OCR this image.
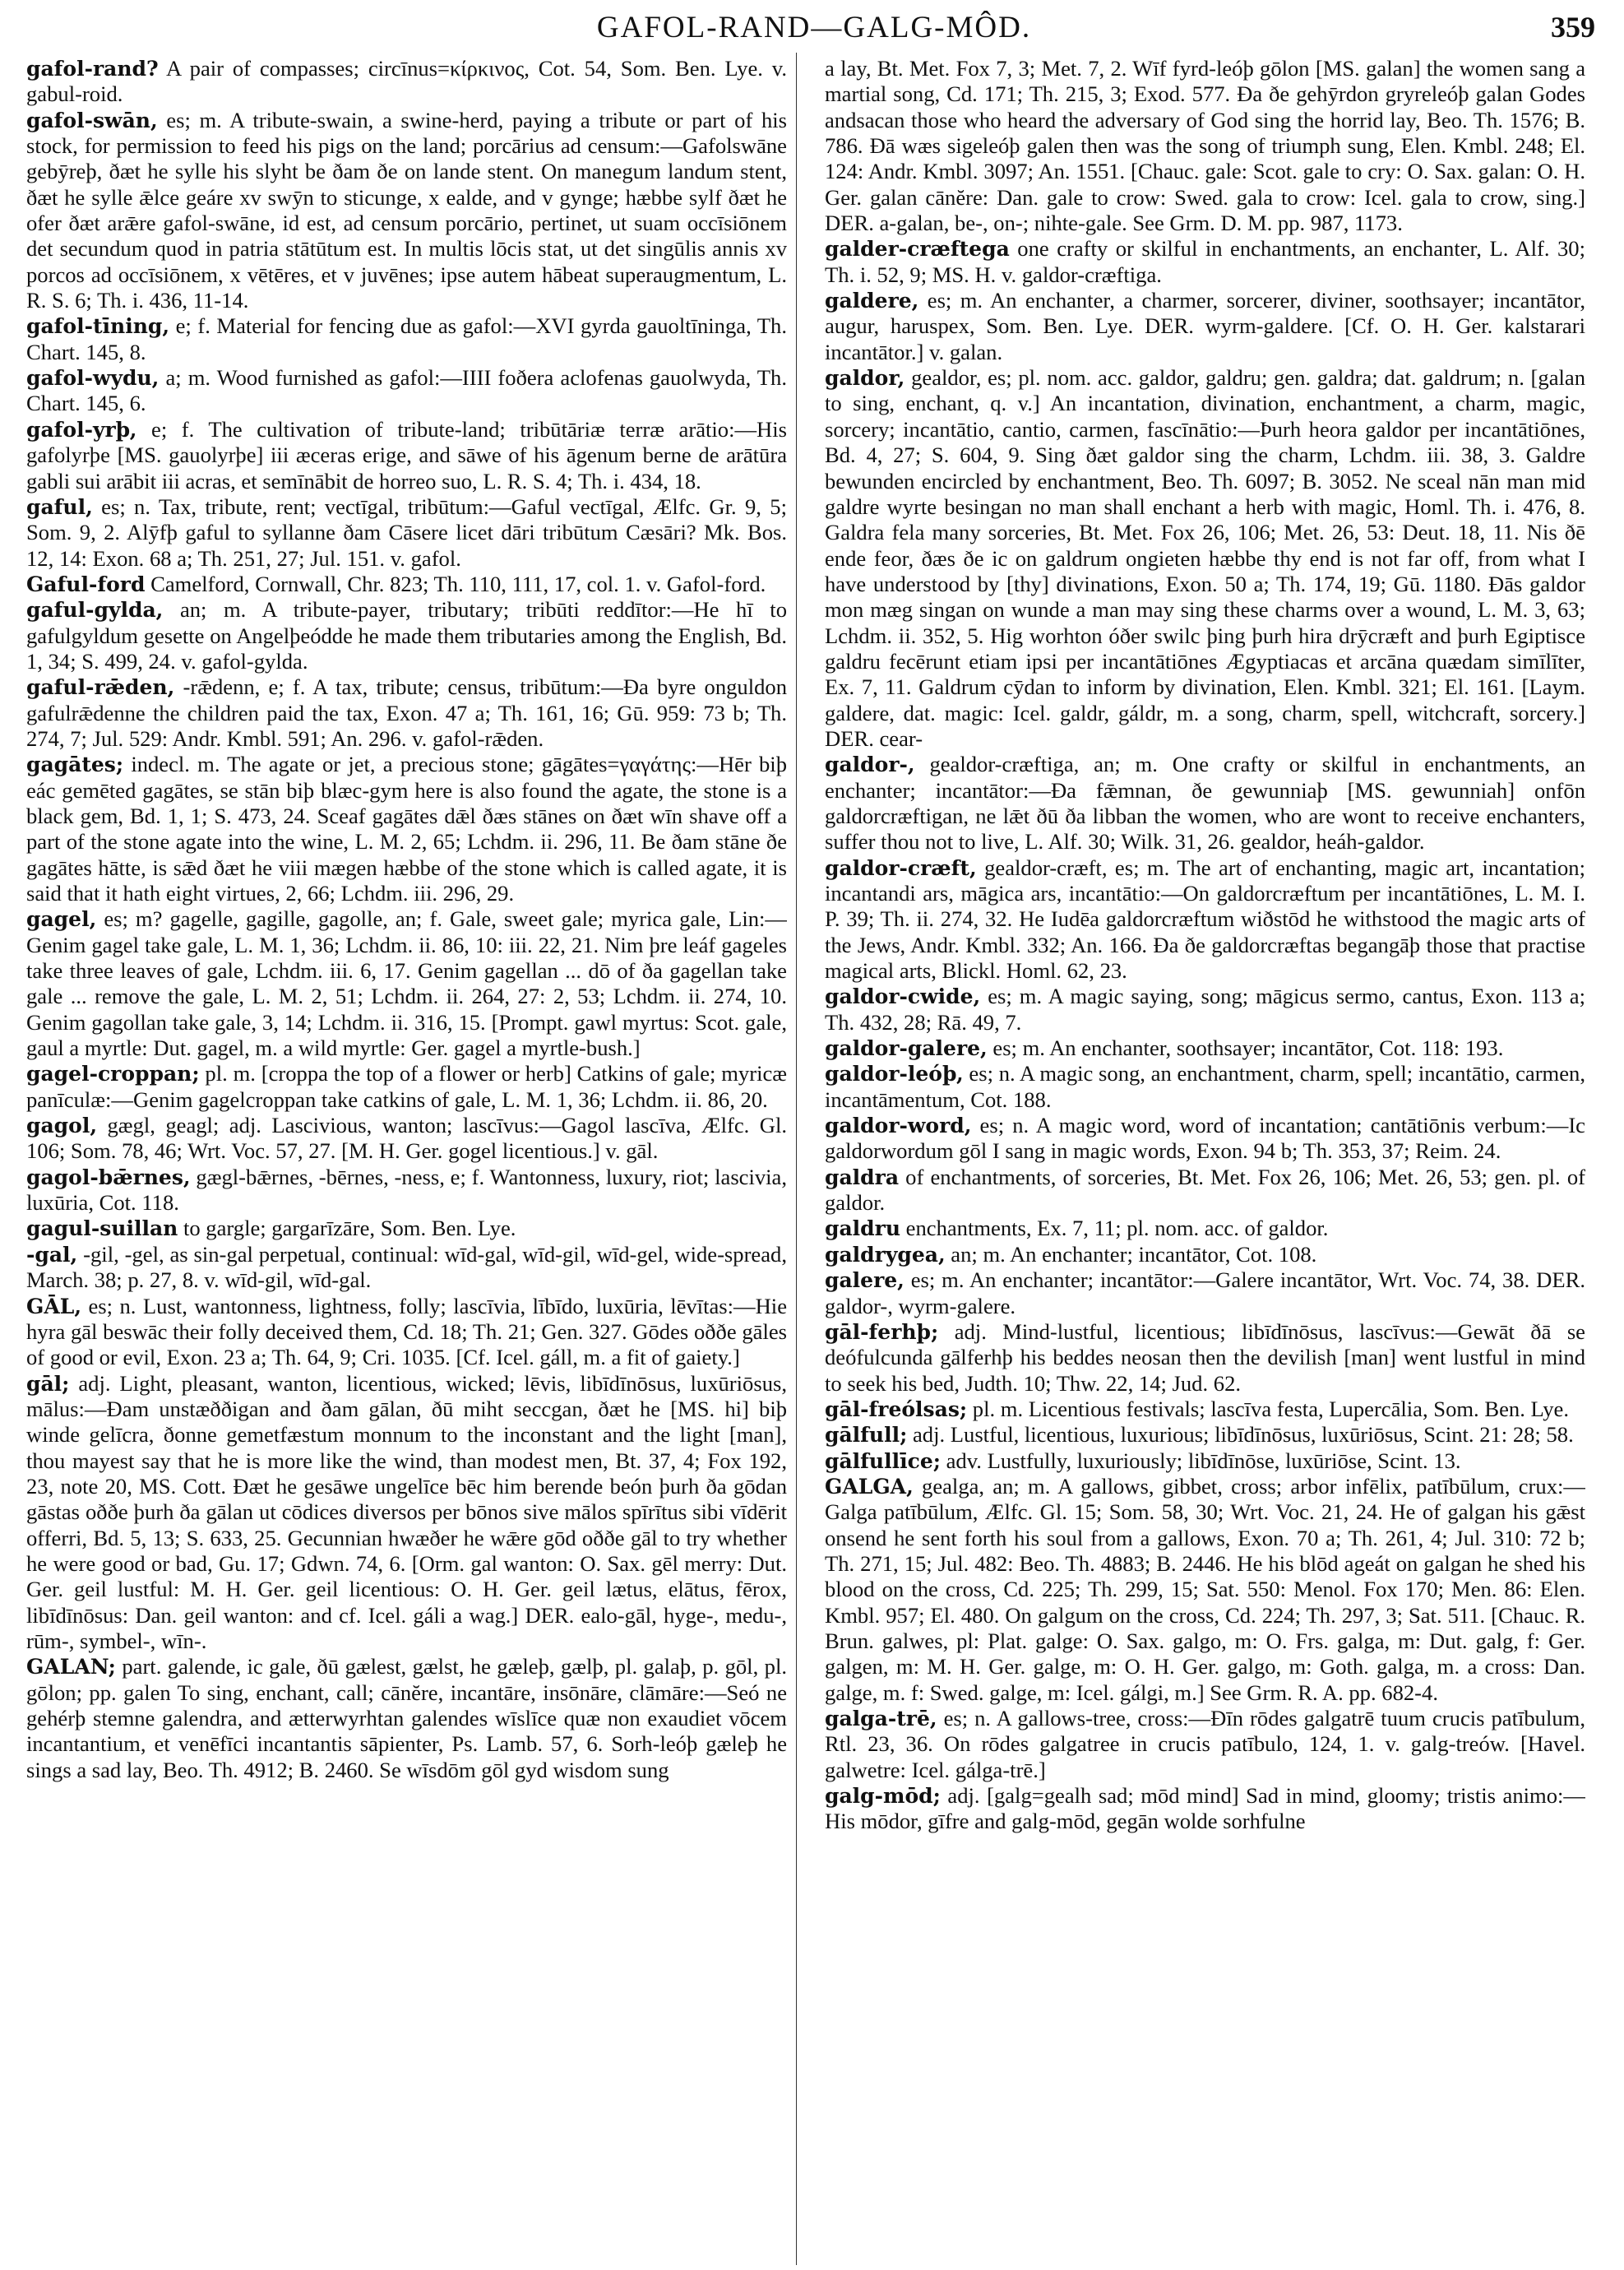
GAFOL-RAND—GALG-MÔD.	359

gafol-rand? A pair of compasses; circīnus=κίρκινος, Cot. 54, Som. Ben. Lye. v. gabul-roid.

gafol-swān, es; m. A tribute-swain, a swine-herd, paying a tribute or part of his stock, for permission to feed his pigs on the land; porcārius ad censum:—Gafolswāne gebȳreþ, ðæt he sylle his slyht be ðam ðe on lande stent. On manegum landum stent, ðæt he sylle ǣlce geáre xv swȳn to sticunge, x ealde, and v gynge; hæbbe sylf ðæt he ofer ðæt arǣre gafol-swāne, id est, ad censum porcārio, pertinet, ut suam occīsiōnem det secundum quod in patria stātūtum est. In multis lōcis stat, ut det singūlis annis xv porcos ad occīsiōnem, x vētēres, et v juvēnes; ipse autem hābeat superaugmentum, L. R. S. 6; Th. i. 436, 11-14.

gafol-tīning, e; f. Material for fencing due as gafol:—XVI gyrda gauoltīninga, Th. Chart. 145, 8.

gafol-wydu, a; m. Wood furnished as gafol:—IIII foðera aclofenas gauolwyda, Th. Chart. 145, 6.

gafol-yrþ, e; f. The cultivation of tribute-land; tribūtāriæ terræ arātio:—His gafolyrþe [MS. gauolyrþe] iii æceras erige, and sāwe of his āgenum berne de arātūra gabli sui arābit iii acras, et semīnābit de horreo suo, L. R. S. 4; Th. i. 434, 18.

gaful, es; n. Tax, tribute, rent; vectīgal, tribūtum:—Gaful vectīgal, Ælfc. Gr. 9, 5; Som. 9, 2. Alȳfþ gaful to syllanne ðam Cāsere licet dāri tribūtum Cæsāri? Mk. Bos. 12, 14: Exon. 68 a; Th. 251, 27; Jul. 151. v. gafol.

Gaful-ford Camelford, Cornwall, Chr. 823; Th. 110, 111, 17, col. 1. v. Gafol-ford.

gaful-gylda, an; m. A tribute-payer, tributary; tribūti reddītor:—He hī to gafulgyldum gesette on Angelþeódde he made them tributaries among the English, Bd. 1, 34; S. 499, 24. v. gafol-gylda.

gaful-rǣden, -rǣdenn, e; f. A tax, tribute; census, tribūtum:—Ða byre onguldon gafulrǣdenne the children paid the tax, Exon. 47 a; Th. 161, 16; Gū. 959: 73 b; Th. 274, 7; Jul. 529: Andr. Kmbl. 591; An. 296. v. gafol-rǣden.

gagātes; indecl. m. The agate or jet, a precious stone; gāgātes=γαγάτης:—Hēr biþ eác gemēted gagātes, se stān biþ blæc-gym here is also found the agate, the stone is a black gem, Bd. 1, 1; S. 473, 24. Sceaf gagātes dǣl ðæs stānes on ðæt wīn shave off a part of the stone agate into the wine, L. M. 2, 65; Lchdm. ii. 296, 11. Be ðam stāne ðe gagātes hātte, is sǣd ðæt he viii mægen hæbbe of the stone which is called agate, it is said that it hath eight virtues, 2, 66; Lchdm. iii. 296, 29.

gagel, es; m? gagelle, gagille, gagolle, an; f. Gale, sweet gale; myrica gale, Lin:—Genim gagel take gale, L. M. 1, 36; Lchdm. ii. 86, 10: iii. 22, 21. Nim þre leáf gageles take three leaves of gale, Lchdm. iii. 6, 17. Genim gagellan ... dō of ða gagellan take gale ... remove the gale, L. M. 2, 51; Lchdm. ii. 264, 27: 2, 53; Lchdm. ii. 274, 10. Genim gagollan take gale, 3, 14; Lchdm. ii. 316, 15. [Prompt. gawl myrtus: Scot. gale, gaul a myrtle: Dut. gagel, m. a wild myrtle: Ger. gagel a myrtle-bush.]

gagel-croppan; pl. m. [croppa the top of a flower or herb] Catkins of gale; myricæ panīculæ:—Genim gagelcroppan take catkins of gale, L. M. 1, 36; Lchdm. ii. 86, 20.

gagol, gægl, geagl; adj. Lascivious, wanton; lascīvus:—Gagol lascīva, Ælfc. Gl. 106; Som. 78, 46; Wrt. Voc. 57, 27. [M. H. Ger. gogel licentious.] v. gāl.

gagol-bǣrnes, gægl-bǣrnes, -bērnes, -ness, e; f. Wantonness, luxury, riot; lascivia, luxūria, Cot. 118.

gagul-suillan to gargle; gargarīzāre, Som. Ben. Lye.

-gal, -gil, -gel, as sin-gal perpetual, continual: wīd-gal, wīd-gil, wīd-gel, wide-spread, March. 38; p. 27, 8. v. wīd-gil, wīd-gal.

GĀL, es; n. Lust, wantonness, lightness, folly; lascīvia, lībīdo, luxūria, lēvītas:—Hie hyra gāl beswāc their folly deceived them, Cd. 18; Th. 21; Gen. 327. Gōdes oððe gāles of good or evil, Exon. 23 a; Th. 64, 9; Cri. 1035. [Cf. Icel. gáll, m. a fit of gaiety.]

gāl; adj. Light, pleasant, wanton, licentious, wicked; lēvis, libīdīnōsus, luxūriōsus, mālus:—Ðam unstæððigan and ðam gālan, ðū miht seccgan, ðæt he [MS. hi] biþ winde gelīcra, ðonne gemetfæstum monnum to the inconstant and the light [man], thou mayest say that he is more like the wind, than modest men, Bt. 37, 4; Fox 192, 23, note 20, MS. Cott. Ðæt he gesāwe ungelīce bēc him berende beón þurh ða gōdan gāstas oððe þurh ða gālan ut cōdices diversos per bōnos sive mālos spīrītus sibi vīdērit offerri, Bd. 5, 13; S. 633, 25. Gecunnian hwæðer he wǣre gōd oððe gāl to try whether he were good or bad, Gu. 17; Gdwn. 74, 6. [Orm. gal wanton: O. Sax. gēl merry: Dut. Ger. geil lustful: M. H. Ger. geil licentious: O. H. Ger. geil lætus, elātus, fērox, libīdīnōsus: Dan. geil wanton: and cf. Icel. gáli a wag.] DER. ealo-gāl, hyge-, medu-, rūm-, symbel-, wīn-.

GALAN; part. galende, ic gale, ðū gælest, gælst, he gæleþ, gælþ, pl. galaþ, p. gōl, pl. gōlon; pp. galen To sing, enchant, call; cānĕre, incantāre, insōnāre, clāmāre:—Seó ne gehérþ stemne galendra, and ætterwyrhtan galendes wīslīce quæ non exaudiet vōcem incantantium, et venēfīci incantantis sāpienter, Ps. Lamb. 57, 6. Sorh-leóþ gæleþ he sings a sad lay, Beo. Th. 4912; B. 2460. Se wīsdōm gōl gyd wisdom sung

a lay, Bt. Met. Fox 7, 3; Met. 7, 2. Wīf fyrd-leóþ gōlon [MS. galan] the women sang a martial song, Cd. 171; Th. 215, 3; Exod. 577. Ða ðe gehȳrdon gryreleóþ galan Godes andsacan those who heard the adversary of God sing the horrid lay, Beo. Th. 1576; B. 786. Ðā wæs sigeleóþ galen then was the song of triumph sung, Elen. Kmbl. 248; El. 124: Andr. Kmbl. 3097; An. 1551. [Chauc. gale: Scot. gale to cry: O. Sax. galan: O. H. Ger. galan cānĕre: Dan. gale to crow: Swed. gala to crow: Icel. gala to crow, sing.] DER. a-galan, be-, on-; nihte-gale. See Grm. D. M. pp. 987, 1173.

galder-cræftega one crafty or skilful in enchantments, an enchanter, L. Alf. 30; Th. i. 52, 9; MS. H. v. galdor-cræftiga.

galdere, es; m. An enchanter, a charmer, sorcerer, diviner, soothsayer; incantātor, augur, haruspex, Som. Ben. Lye. DER. wyrm-galdere. [Cf. O. H. Ger. kalstarari incantātor.] v. galan.

galdor, gealdor, es; pl. nom. acc. galdor, galdru; gen. galdra; dat. galdrum; n. [galan to sing, enchant, q. v.] An incantation, divination, enchantment, a charm, magic, sorcery; incantātio, cantio, carmen, fascīnātio:—Þurh heora galdor per incantātiōnes, Bd. 4, 27; S. 604, 9. Sing ðæt galdor sing the charm, Lchdm. iii. 38, 3. Galdre bewunden encircled by enchantment, Beo. Th. 6097; B. 3052. Ne sceal nān man mid galdre wyrte besingan no man shall enchant a herb with magic, Homl. Th. i. 476, 8. Galdra fela many sorceries, Bt. Met. Fox 26, 106; Met. 26, 53: Deut. 18, 11. Nis ðē ende feor, ðæs ðe ic on galdrum ongieten hæbbe thy end is not far off, from what I have understood by [thy] divinations, Exon. 50 a; Th. 174, 19; Gū. 1180. Ðās galdor mon mæg singan on wunde a man may sing these charms over a wound, L. M. 3, 63; Lchdm. ii. 352, 5. Hig worhton óðer swilc þing þurh hira drȳcræft and þurh Egiptisce galdru fecērunt etiam ipsi per incantātiōnes Ægyptiacas et arcāna quædam simīlīter, Ex. 7, 11. Galdrum cȳdan to inform by divination, Elen. Kmbl. 321; El. 161. [Laym. galdere, dat. magic: Icel. galdr, gáldr, m. a song, charm, spell, witchcraft, sorcery.] DER. cear-

galdor-, gealdor-cræftiga, an; m. One crafty or skilful in enchantments, an enchanter; incantātor:—Ða fǣmnan, ðe gewunniaþ [MS. gewunniah] onfōn galdorcræftigan, ne lǣt ðū ða libban the women, who are wont to receive enchanters, suffer thou not to live, L. Alf. 30; Wilk. 31, 26. gealdor, heáh-galdor.

galdor-cræft, gealdor-cræft, es; m. The art of enchanting, magic art, incantation; incantandi ars, māgica ars, incantātio:—On galdorcræftum per incantātiōnes, L. M. I. P. 39; Th. ii. 274, 32. He Iudēa galdorcræftum wiðstōd he withstood the magic arts of the Jews, Andr. Kmbl. 332; An. 166. Ða ðe galdorcræftas begangāþ those that practise magical arts, Blickl. Homl. 62, 23.

galdor-cwide, es; m. A magic saying, song; māgicus sermo, cantus, Exon. 113 a; Th. 432, 28; Rā. 49, 7.

galdor-galere, es; m. An enchanter, soothsayer; incantātor, Cot. 118: 193.

galdor-leóþ, es; n. A magic song, an enchantment, charm, spell; incantātio, carmen, incantāmentum, Cot. 188.

galdor-word, es; n. A magic word, word of incantation; cantātiōnis verbum:—Ic galdorwordum gōl I sang in magic words, Exon. 94 b; Th. 353, 37; Reim. 24.

galdra of enchantments, of sorceries, Bt. Met. Fox 26, 106; Met. 26, 53; gen. pl. of galdor.

galdru enchantments, Ex. 7, 11; pl. nom. acc. of galdor.

galdrygea, an; m. An enchanter; incantātor, Cot. 108.

galere, es; m. An enchanter; incantātor:—Galere incantātor, Wrt. Voc. 74, 38. DER. galdor-, wyrm-galere.

gāl-ferhþ; adj. Mind-lustful, licentious; libīdīnōsus, lascīvus:—Gewāt ðā se deófulcunda gālferhþ his beddes neosan then the devilish [man] went lustful in mind to seek his bed, Judth. 10; Thw. 22, 14; Jud. 62.

gāl-freólsas; pl. m. Licentious festivals; lascīva festa, Lupercālia, Som. Ben. Lye.

gālfull; adj. Lustful, licentious, luxurious; libīdīnōsus, luxūriōsus, Scint. 21: 28; 58.

gālfullīce; adv. Lustfully, luxuriously; libīdīnōse, luxūriōse, Scint. 13.

GALGA, gealga, an; m. A gallows, gibbet, cross; arbor infēlix, patībūlum, crux:—Galga patībūlum, Ælfc. Gl. 15; Som. 58, 30; Wrt. Voc. 21, 24. He of galgan his gǣst onsend he sent forth his soul from a gallows, Exon. 70 a; Th. 261, 4; Jul. 310: 72 b; Th. 271, 15; Jul. 482: Beo. Th. 4883; B. 2446. He his blōd ageát on galgan he shed his blood on the cross, Cd. 225; Th. 299, 15; Sat. 550: Menol. Fox 170; Men. 86: Elen. Kmbl. 957; El. 480. On galgum on the cross, Cd. 224; Th. 297, 3; Sat. 511. [Chauc. R. Brun. galwes, pl: Plat. galge: O. Sax. galgo, m: O. Frs. galga, m: Dut. galg, f: Ger. galgen, m: M. H. Ger. galge, m: O. H. Ger. galgo, m: Goth. galga, m. a cross: Dan. galge, m. f: Swed. galge, m: Icel. gálgi, m.] See Grm. R. A. pp. 682-4.

galga-trē, es; n. A gallows-tree, cross:—Ðīn rōdes galgatrē tuum crucis patībulum, Rtl. 23, 36. On rōdes galgatree in crucis patībulo, 124, 1. v. galg-treów. [Havel. galwetre: Icel. gálga-trē.]

galg-mōd; adj. [galg=gealh sad; mōd mind] Sad in mind, gloomy; tristis animo:—His mōdor, gīfre and galg-mōd, gegān wolde sorhfulne
